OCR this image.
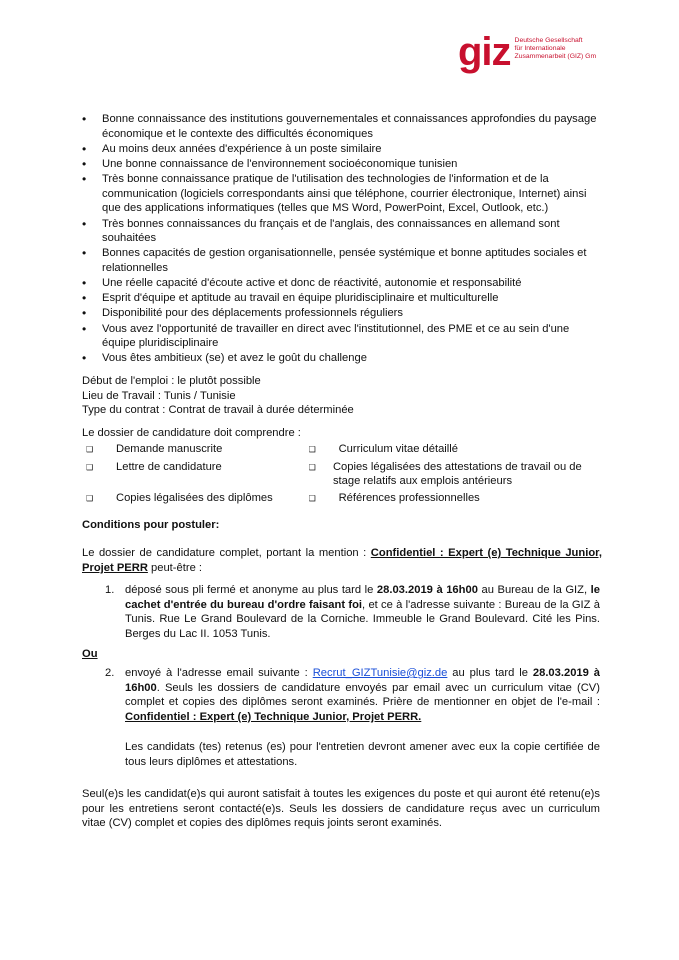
giz Deutsche Gesellschaft
für Internationale
Zusammenarbeit (GIZ) Gm
• Bonne connaissance des institutions gouvernementales et connaissances approfondies du paysage économique et le contexte des difficultés économiques
• Au moins deux années d'expérience à un poste similaire
• Une bonne connaissance de l'environnement socioéconomique tunisien
• Très bonne connaissance pratique de l'utilisation des technologies de l'information et de la communication (logiciels correspondants ainsi que téléphone, courrier électronique, Internet) ainsi que des applications informatiques (telles que MS Word, PowerPoint, Excel, Outlook, etc.)
• Très bonnes connaissances du français et de l'anglais, des connaissances en allemand sont souhaitées
• Bonnes capacités de gestion organisationnelle, pensée systémique et bonne aptitudes sociales et relationnelles
• Une réelle capacité d'écoute active et donc de réactivité, autonomie et responsabilité
• Esprit d'équipe et aptitude au travail en équipe pluridisciplinaire et multiculturelle
• Disponibilité pour des déplacements professionnels réguliers
• Vous avez l'opportunité de travailler en direct avec l'institutionnel, des PME et ce au sein d'une équipe pluridisciplinaire
• Vous êtes ambitieux (se) et avez le goût du challenge
Début de l'emploi : le plutôt possible
Lieu de Travail : Tunis / Tunisie
Type du contrat : Contrat de travail à durée déterminée
Le dossier de candidature doit comprendre :
❑	Demande manuscrite	❑	Curriculum vitae détaillé
❑	Lettre de candidature	❑ Copies légalisées des attestations de travail ou de stage relatifs aux emplois antérieurs
❑	Copies légalisées des diplômes	❑	Références professionnelles
Conditions pour postuler:
Le dossier de candidature complet, portant la mention : Confidentiel : Expert (e) Technique Junior, Projet PERR peut-être :
1. déposé sous pli fermé et anonyme au plus tard le 28.03.2019 à 16h00 au Bureau de la GIZ, le cachet d'entrée du bureau d'ordre faisant foi, et ce à l'adresse suivante : Bureau de la GIZ à Tunis. Rue Le Grand Boulevard de la Corniche. Immeuble le Grand Boulevard. Cité les Pins. Berges du Lac II. 1053 Tunis.
Ou
2. envoyé à l'adresse email suivante : Recrut_GIZTunisie@giz.de au plus tard le 28.03.2019 à 16h00. Seuls les dossiers de candidature envoyés par email avec un curriculum vitae (CV) complet et copies des diplômes seront examinés. Prière de mentionner en objet de l'e-mail : Confidentiel : Expert (e) Technique Junior, Projet PERR.
Les candidats (tes) retenus (es) pour l'entretien devront amener avec eux la copie certifiée de tous leurs diplômes et attestations.
Seul(e)s les candidat(e)s qui auront satisfait à toutes les exigences du poste et qui auront été retenu(e)s pour les entretiens seront contacté(e)s. Seuls les dossiers de candidature reçus avec un curriculum vitae (CV) complet et copies des diplômes requis joints seront examinés.
